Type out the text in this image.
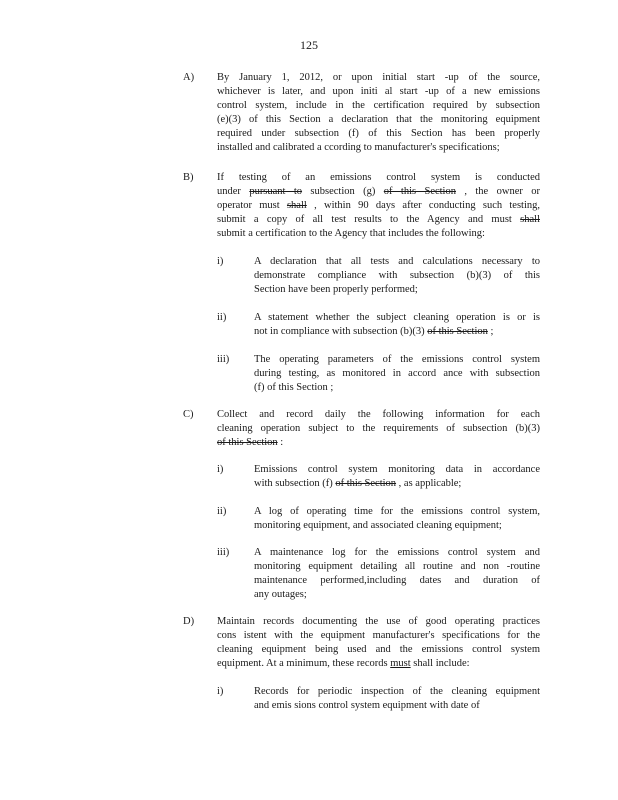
125
A) By January 1, 2012, or upon initial start -up of the source,
whichever is later, and upon initi al start -up of a new emissions
control system, include in the certification required by subsection
(e)(3) of this Section a declaration that the monitoring equipment
required under subsection (f) of this Section has been properly
installed and calibrated a ccording to manufacturer's specifications;
B) If testing of an emissions control system is conducted
under pursuant to subsection (g) of this Section , the owner or
operator must shall , within 90 days after conducting such testing,
submit a copy of all test results to the Agency and must shall
submit a certification to the Agency that includes the following:
i)	A declaration that all tests and calculations necessary to
demonstrate compliance with subsection (b)(3) of this
Section have been properly performed;
ii)	A statement whether the subject cleaning operation is or is
not in compliance with subsection (b)(3) of this Section ;
iii) The operating parameters of the emissions control system
during testing, as monitored in accord ance with subsection
(f) of this Section ;
C) Collect and record daily the following information for each
cleaning operation subject to the requirements of subsection (b)(3)
of this Section :
i)	Emissions control system monitoring data in accordance
with subsection (f) of this Section , as applicable;
ii)	A log of operating time for the emissions control system,
monitoring equipment, and associated cleaning equipment;
iii) A maintenance log for the emissions control system and
monitoring equipment detailing all routine and non -routine
maintenance performed,including dates and duration of
any outages;
D) Maintain records documenting the use of good operating practices
cons istent with the equipment manufacturer's specifications for the
cleaning equipment being used and the emissions control system
equipment. At a minimum, these records must shall include:
i)	Records for periodic inspection of the cleaning equipment
and emis sions control system equipment with date of
